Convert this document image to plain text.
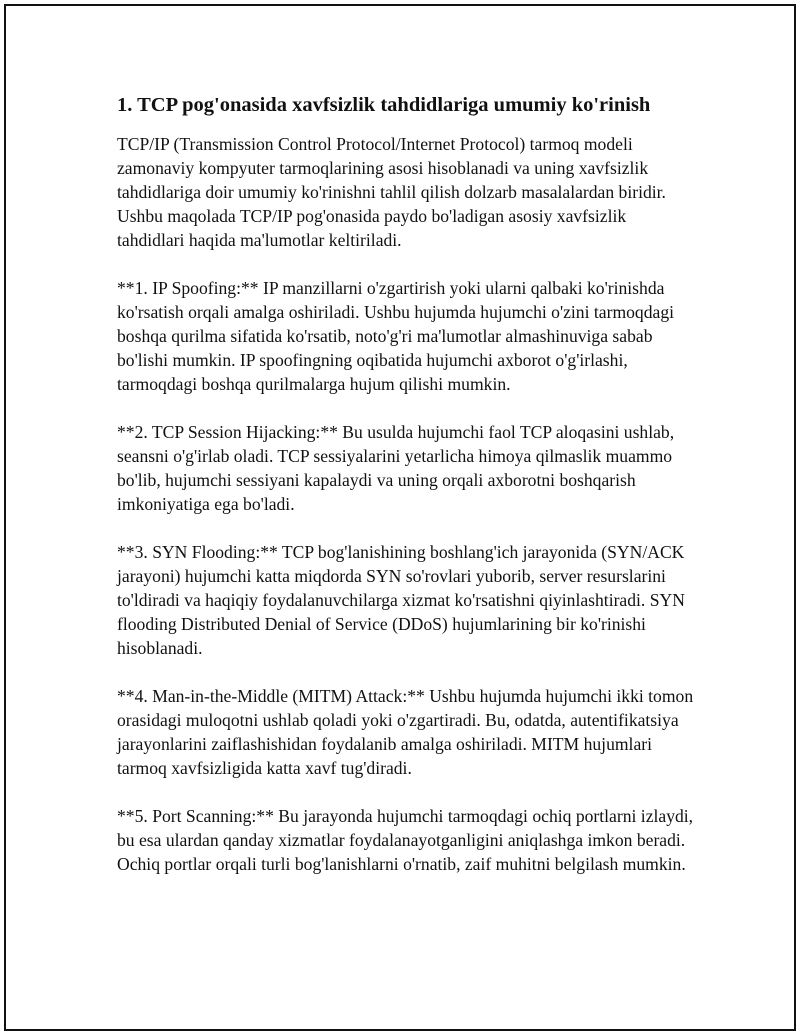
1. TCP pog'onasida xavfsizlik tahdidlariga umumiy ko'rinish

TCP/IP (Transmission Control Protocol/Internet Protocol) tarmoq modeli zamonaviy kompyuter tarmoqlarining asosi hisoblanadi va uning xavfsizlik tahdidlariga doir umumiy ko'rinishni tahlil qilish dolzarb masalalardan biridir. Ushbu maqolada TCP/IP pog'onasida paydo bo'ladigan asosiy xavfsizlik tahdidlari haqida ma'lumotlar keltiriladi.

**1. IP Spoofing:** IP manzillarni o'zgartirish yoki ularni qalbaki ko'rinishda ko'rsatish orqali amalga oshiriladi. Ushbu hujumda hujumchi o'zini tarmoqdagi boshqa qurilma sifatida ko'rsatib, noto'g'ri ma'lumotlar almashinuviga sabab bo'lishi mumkin. IP spoofingning oqibatida hujumchi axborot o'g'irlashi, tarmoqdagi boshqa qurilmalarga hujum qilishi mumkin.

**2. TCP Session Hijacking:** Bu usulda hujumchi faol TCP aloqasini ushlab, seansni o'g'irlab oladi. TCP sessiyalarini yetarlicha himoya qilmaslik muammo bo'lib, hujumchi sessiyani kapalaydi va uning orqali axborotni boshqarish imkoniyatiga ega bo'ladi.

**3. SYN Flooding:** TCP bog'lanishining boshlang'ich jarayonida (SYN/ACK jarayoni) hujumchi katta miqdorda SYN so'rovlari yuborib, server resurslarini to'ldiradi va haqiqiy foydalanuvchilarga xizmat ko'rsatishni qiyinlashtiradi. SYN flooding Distributed Denial of Service (DDoS) hujumlarining bir ko'rinishi hisoblanadi.

**4. Man-in-the-Middle (MITM) Attack:** Ushbu hujumda hujumchi ikki tomon orasidagi muloqotni ushlab qoladi yoki o'zgartiradi. Bu, odatda, autentifikatsiya jarayonlarini zaiflashishidan foydalanib amalga oshiriladi. MITM hujumlari tarmoq xavfsizligida katta xavf tug'diradi.

**5. Port Scanning:** Bu jarayonda hujumchi tarmoqdagi ochiq portlarni izlaydi, bu esa ulardan qanday xizmatlar foydalanayotganligini aniqlashga imkon beradi. Ochiq portlar orqali turli bog'lanishlarni o'rnatib, zaif muhitni belgilash mumkin.
